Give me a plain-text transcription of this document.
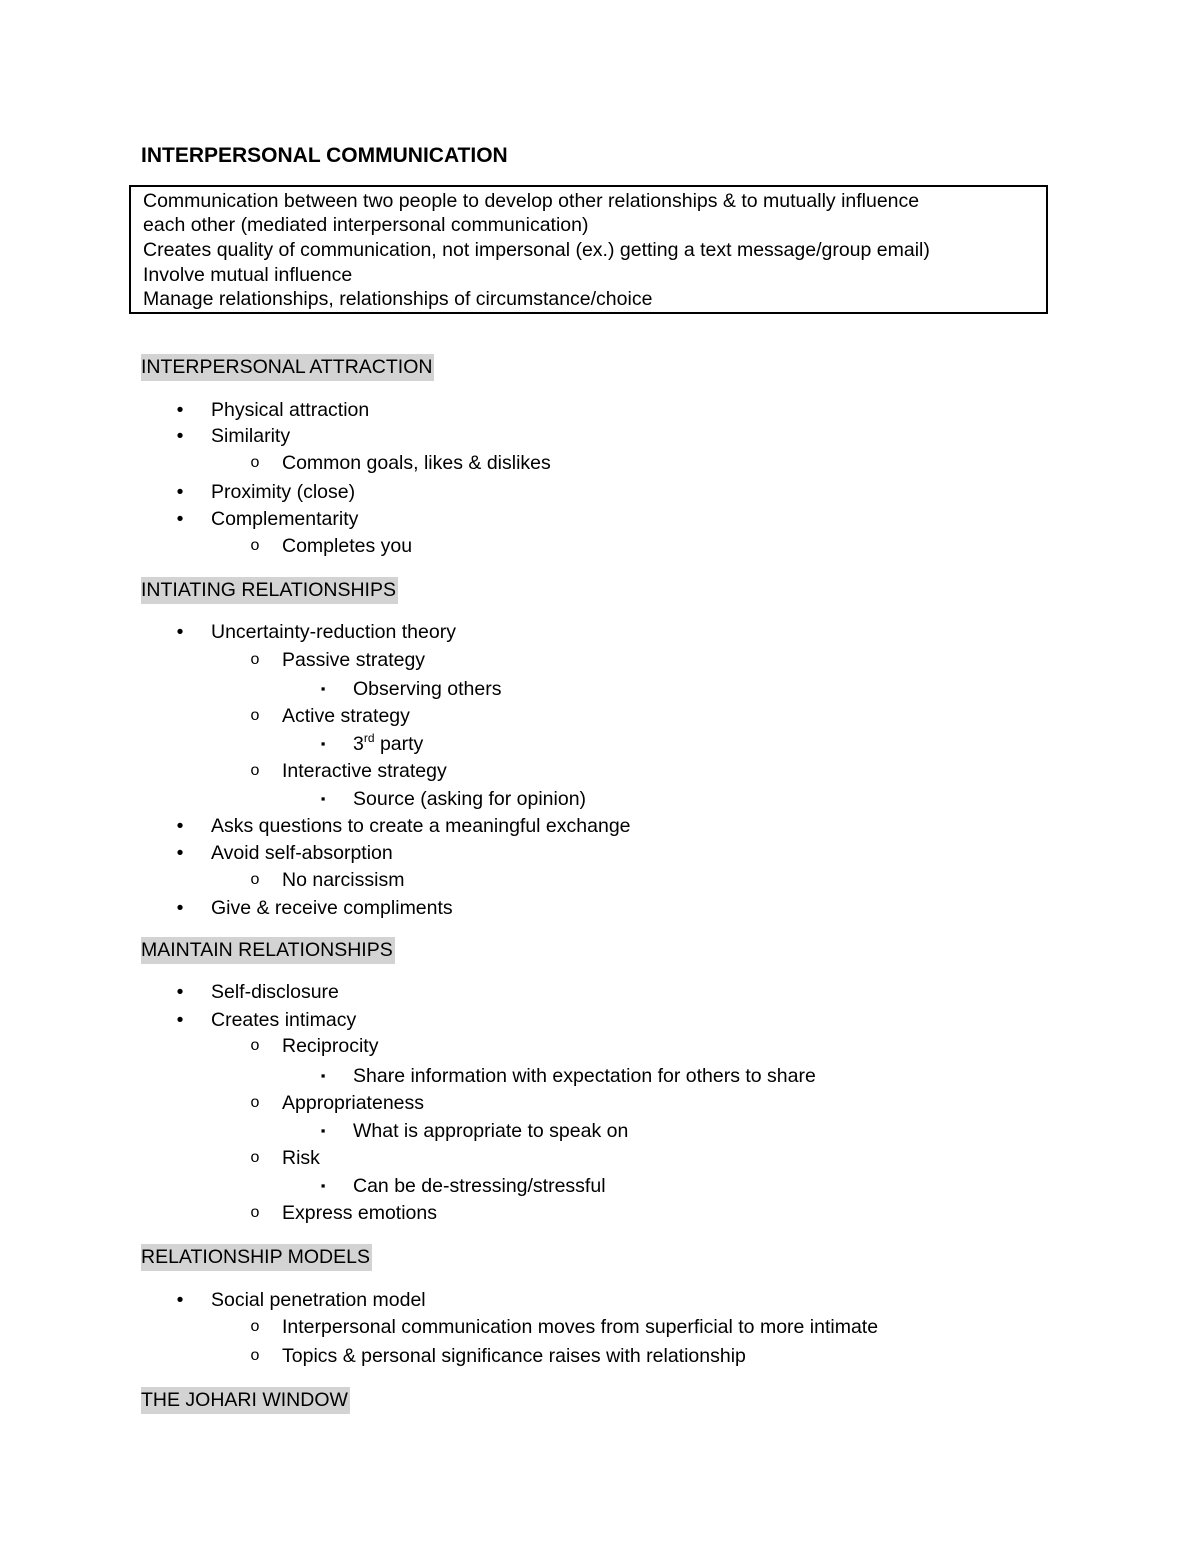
INTERPERSONAL COMMUNICATION
Communication between two people to develop other relationships & to mutually influence
each other (mediated interpersonal communication)
Creates quality of communication, not impersonal (ex.) getting a text message/group email)
Involve mutual influence
Manage relationships, relationships of circumstance/choice
INTERPERSONAL ATTRACTION
• Physical attraction
• Similarity
o Common goals, likes & dislikes
• Proximity (close)
• Complementarity
o Completes you
INTIATING RELATIONSHIPS
• Uncertainty-reduction theory
o Passive strategy
▪ Observing others
o Active strategy
▪ 3rd party
o Interactive strategy
▪ Source (asking for opinion)
• Asks questions to create a meaningful exchange
• Avoid self-absorption
o No narcissism
• Give & receive compliments
MAINTAIN RELATIONSHIPS
• Self-disclosure
• Creates intimacy
o Reciprocity
▪ Share information with expectation for others to share
o Appropriateness
▪ What is appropriate to speak on
o Risk
▪ Can be de-stressing/stressful
o Express emotions
RELATIONSHIP MODELS
• Social penetration model
o Interpersonal communication moves from superficial to more intimate
o Topics & personal significance raises with relationship
THE JOHARI WINDOW
